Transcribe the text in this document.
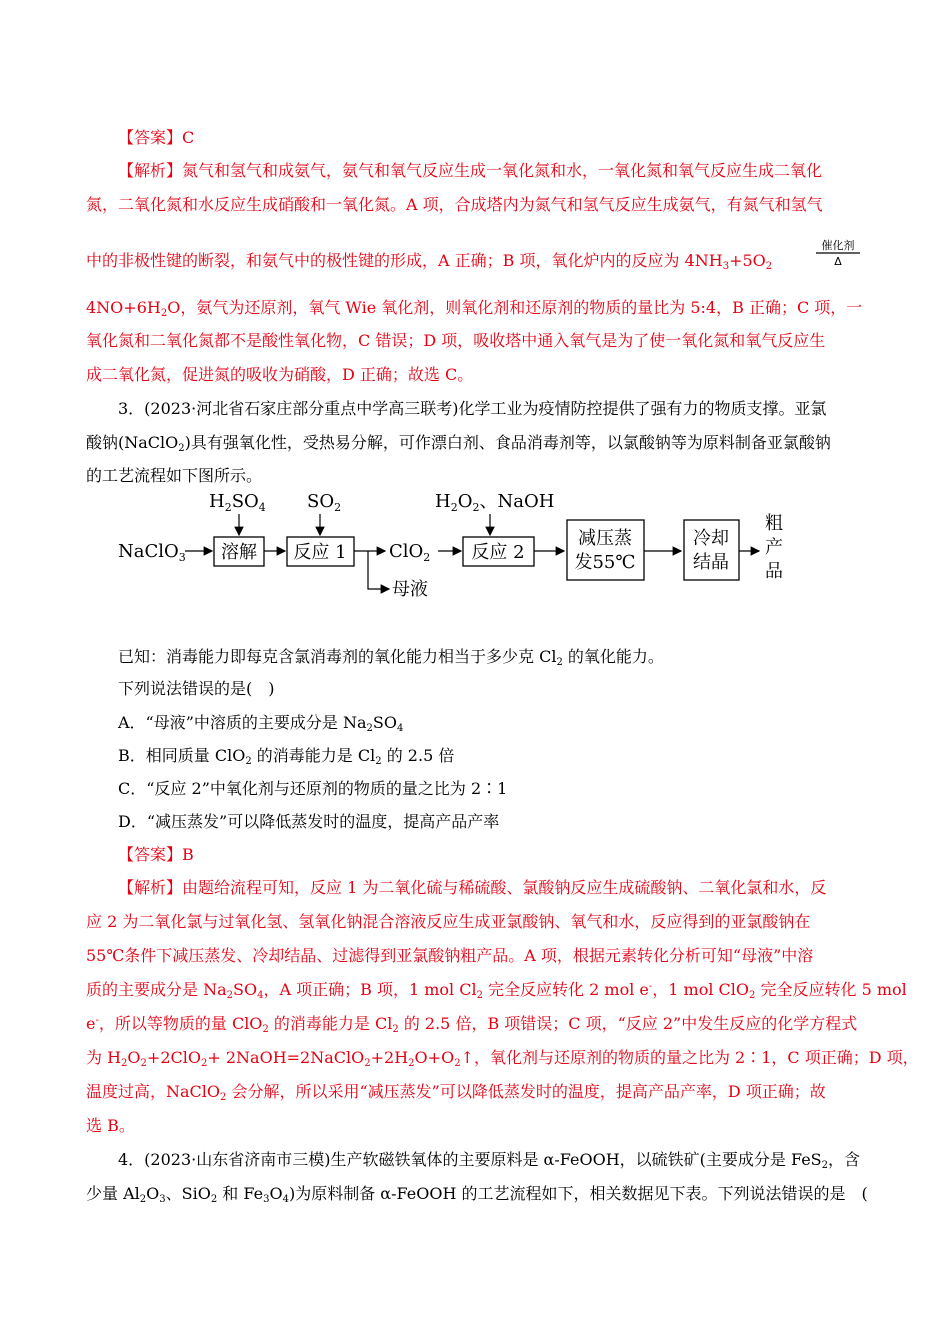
【答案】C
【解析】氮气和氢气和成氨气，氨气和氧气反应生成一氧化氮和水，一氧化氮和氧气反应生成二氧化
氮，二氧化氮和水反应生成硝酸和一氧化氮。A 项，合成塔内为氮气和氢气反应生成氨气，有氮气和氢气
中的非极性键的断裂，和氨气中的极性键的形成，A 正确；B 项，氧化炉内的反应为 $4NH_3+5O_2$
催化剂
Δ
$4NO+6H_2O$，氨气为还原剂，氧气 Wie 氧化剂，则氧化剂和还原剂的物质的量比为 5:4，B 正确；C 项，一
氧化氮和二氧化氮都不是酸性氧化物，C 错误；D 项，吸收塔中通入氧气是为了使一氧化氮和氧气反应生
成二氧化氮，促进氮的吸收为硝酸，D 正确；故选 C。
3．(2023·河北省石家庄部分重点中学高三联考)化学工业为疫情防控提供了强有力的物质支撑。亚氯
酸钠(NaClO$_2$)具有强氧化性，受热易分解，可作漂白剂、食品消毒剂等，以氯酸钠等为原料制备亚氯酸钠
的工艺流程如下图所示。
$H_2SO_4$ $SO_2$	$H_2O_2$、NaOH
NaClO$_3$ 溶解 反应 1 ClO$_2$ 反应 2
减压蒸
发55℃
冷却
结晶
粗
产
品
母液
已知：消毒能力即每克含氯消毒剂的氧化能力相当于多少克 $Cl_2$ 的氧化能力。
下列说法错误的是(　)
A．“母液”中溶质的主要成分是 $Na_2SO_4$
B．相同质量 ClO$_2$ 的消毒能力是 $Cl_2$ 的 2.5 倍
C．“反应 2”中氧化剂与还原剂的物质的量之比为 2∶1
D．“减压蒸发”可以降低蒸发时的温度，提高产品产率
【答案】B
【解析】由题给流程可知，反应 1 为二氧化硫与稀硫酸、氯酸钠反应生成硫酸钠、二氧化氯和水，反
应 2 为二氧化氯与过氧化氢、氢氧化钠混合溶液反应生成亚氯酸钠、氧气和水，反应得到的亚氯酸钠在
55℃条件下减压蒸发、冷却结晶、过滤得到亚氯酸钠粗产品。A 项，根据元素转化分析可知“母液”中溶
质的主要成分是 $Na_2SO_4$，A 项正确；B 项，1 mol $Cl_2$ 完全反应转化 2 mol e-，1 mol ClO$_2$ 完全反应转化 5 mol
e-，所以等物质的量 ClO$_2$ 的消毒能力是 $Cl_2$ 的 2.5 倍，B 项错误；C 项，“反应 2”中发生反应的化学方程式
为 $H_2O_2+2ClO_2+$ $2NaOH=2NaClO_2+2H_2O+O_2↑$，氧化剂与还原剂的物质的量之比为 2∶1，C 项正确；D 项，
温度过高，NaClO$_2$ 会分解，所以采用“减压蒸发”可以降低蒸发时的温度，提高产品产率，D 项正确；故
选 B。
4．(2023·山东省济南市三模)生产软磁铁氧体的主要原料是 α-FeOOH，以硫铁矿(主要成分是 FeS$_2$，含
少量 $Al_2O_3$、SiO$_2$ 和 $Fe_3O_4$)为原料制备 α-FeOOH 的工艺流程如下，相关数据见下表。下列说法错误的是　(
